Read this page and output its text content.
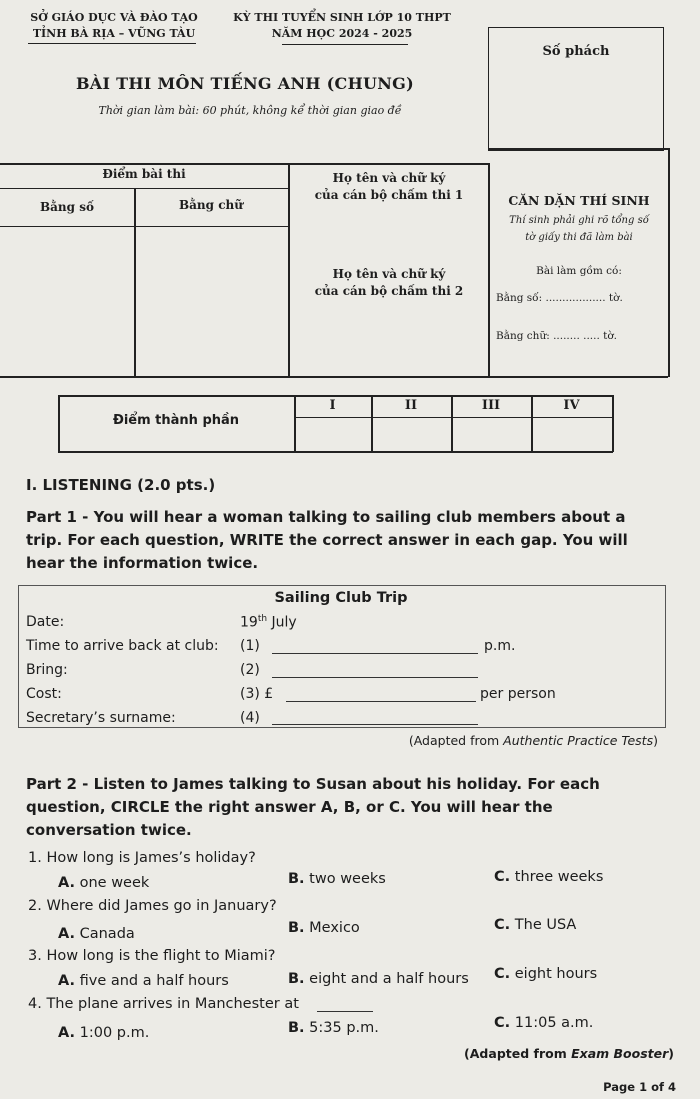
SỞ GIÁO DỤC VÀ ĐÀO TẠO
TỈNH BÀ RỊA – VŨNG TÀU
KỲ THI TUYỂN SINH LỚP 10 THPT
NĂM HỌC 2024 - 2025
Số phách
BÀI THI MÔN TIẾNG ANH (CHUNG)
Thời gian làm bài: 60 phút, không kể thời gian giao đề
Điểm bài thi
Bằng số	Bằng chữ
Họ tên và chữ ký
của cán bộ chấm thi 1
Họ tên và chữ ký
của cán bộ chấm thi 2
CĂN DẶN THÍ SINH
Thí sinh phải ghi rõ tổng số
tờ giấy thi đã làm bài
Bài làm gồm có:
Bằng số: .................. tờ.
Bằng chữ: ........ ..... tờ.
Điểm thành phần
I	II	III	IV
I. LISTENING (2.0 pts.)
Part 1 - You will hear a woman talking to sailing club members about a
trip. For each question, WRITE the correct answer in each gap. You will
hear the information twice.
Sailing Club Trip
Date:	19th July
Time to arrive back at club: (1)	p.m.
Bring:	(2)
Cost:	(3) £	per person
Secretary’s surname:	(4)
(Adapted from Authentic Practice Tests)
Part 2 - Listen to James talking to Susan about his holiday. For each
question, CIRCLE the right answer A, B, or C. You will hear the
conversation twice.
1. How long is James’s holiday?
A. one week	B. two weeks	C. three weeks
2. Where did James go in January?
A. Canada	B. Mexico	C. The USA
3. How long is the flight to Miami?
A. five and a half hours	B. eight and a half hours C. eight hours
4. The plane arrives in Manchester at
A. 1:00 p.m.	B. 5:35 p.m.	C. 11:05 a.m.
(Adapted from Exam Booster)
Page 1 of 4
